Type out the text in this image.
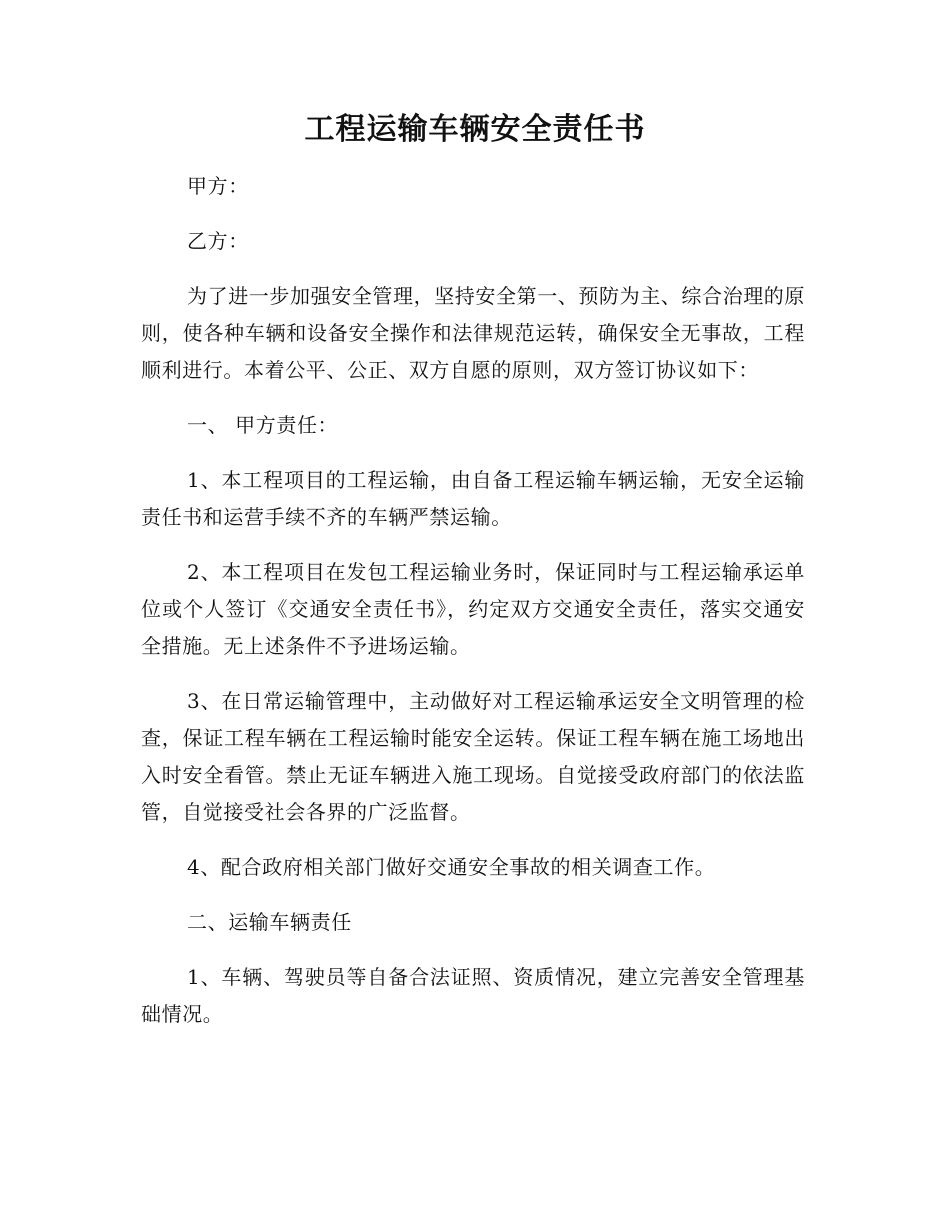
工程运输车辆安全责任书

甲方：

乙方：

为了进一步加强安全管理，坚持安全第一、预防为主、综合治理的原则，使各种车辆和设备安全操作和法律规范运转，确保安全无事故，工程顺利进行。本着公平、公正、双方自愿的原则，双方签订协议如下：

一、 甲方责任：

1、本工程项目的工程运输，由自备工程运输车辆运输，无安全运输责任书和运营手续不齐的车辆严禁运输。

2、本工程项目在发包工程运输业务时，保证同时与工程运输承运单位或个人签订《交通安全责任书》，约定双方交通安全责任，落实交通安全措施。无上述条件不予进场运输。

3、在日常运输管理中，主动做好对工程运输承运安全文明管理的检查，保证工程车辆在工程运输时能安全运转。保证工程车辆在施工场地出入时安全看管。禁止无证车辆进入施工现场。自觉接受政府部门的依法监管，自觉接受社会各界的广泛监督。

4、配合政府相关部门做好交通安全事故的相关调查工作。

二、运输车辆责任

1、车辆、驾驶员等自备合法证照、资质情况，建立完善安全管理基础情况。
